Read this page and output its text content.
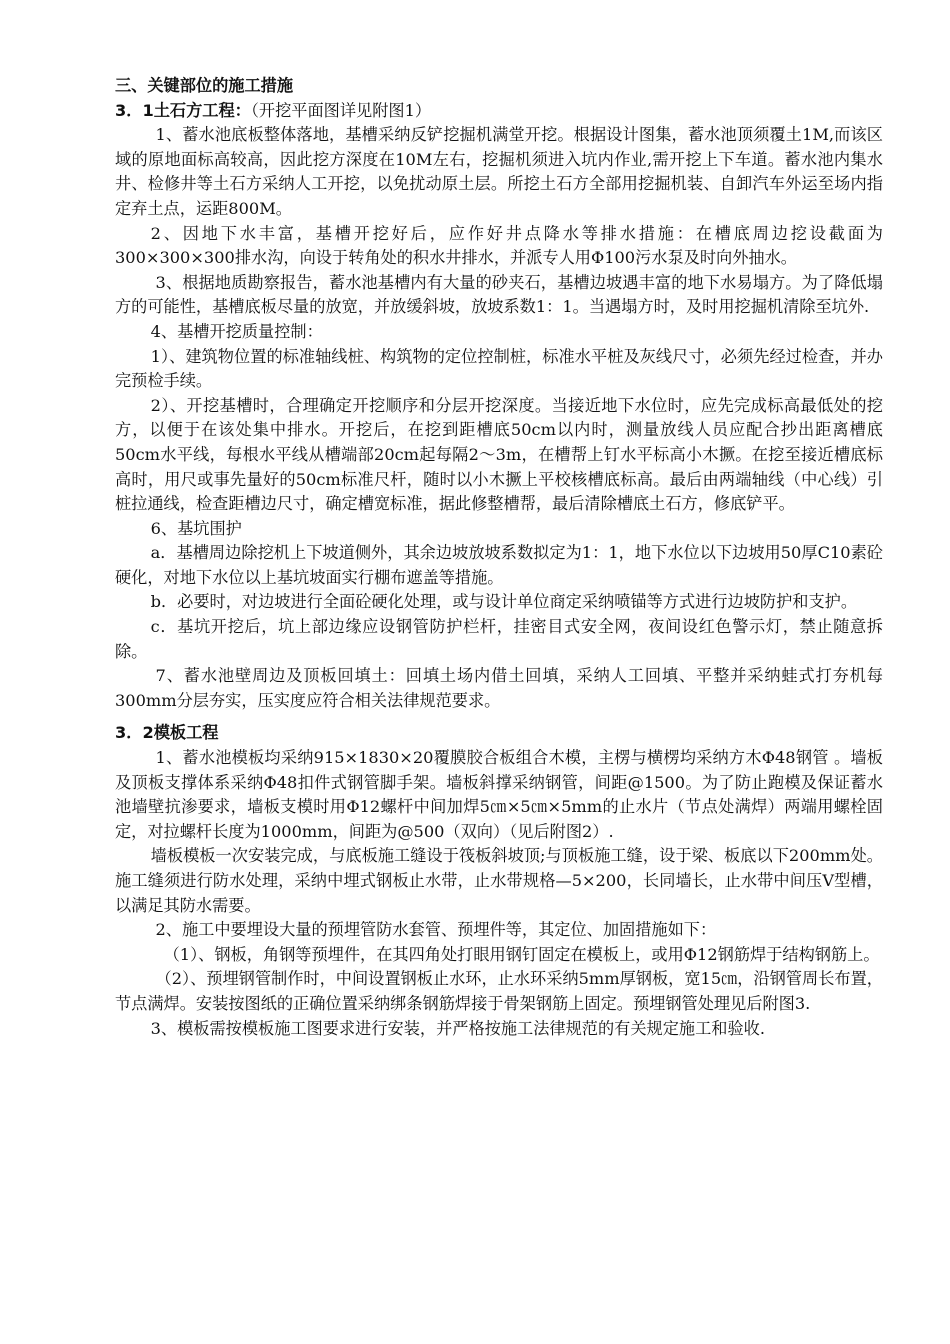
三、关键部位的施工措施

3．1土石方工程：（开挖平面图详见附图1）

1、蓄水池底板整体落地，基槽采纳反铲挖掘机满堂开挖。根据设计图集，蓄水池顶须覆土1M,而该区域的原地面标高较高，因此挖方深度在10M左右，挖掘机须进入坑内作业,需开挖上下车道。蓄水池内集水井、检修井等土石方采纳人工开挖，以免扰动原土层。所挖土石方全部用挖掘机装、自卸汽车外运至场内指定弃土点，运距800M。

2、因地下水丰富，基槽开挖好后，应作好井点降水等排水措施：在槽底周边挖设截面为300×300×300排水沟，向设于转角处的积水井排水，并派专人用Φ100污水泵及时向外抽水。

3、根据地质勘察报告，蓄水池基槽内有大量的砂夹石，基槽边坡遇丰富的地下水易塌方。为了降低塌方的可能性，基槽底板尽量的放宽，并放缓斜坡，放坡系数1：1。当遇塌方时，及时用挖掘机清除至坑外.

4、基槽开挖质量控制：

1）、建筑物位置的标准轴线桩、构筑物的定位控制桩，标准水平桩及灰线尺寸，必须先经过检查，并办完预检手续。

2）、开挖基槽时，合理确定开挖顺序和分层开挖深度。当接近地下水位时，应先完成标高最低处的挖方，以便于在该处集中排水。开挖后，在挖到距槽底50cm以内时，测量放线人员应配合抄出距离槽底50cm水平线，每根水平线从槽端部20cm起每隔2～3m，在槽帮上钉水平标高小木撅。在挖至接近槽底标高时，用尺或事先量好的50cm标准尺杆，随时以小木撅上平校核槽底标高。最后由两端轴线（中心线）引桩拉通线，检查距槽边尺寸，确定槽宽标准，据此修整槽帮，最后清除槽底土石方，修底铲平。

6、基坑围护

a．基槽周边除挖机上下坡道侧外，其余边坡放坡系数拟定为1：1，地下水位以下边坡用50厚C10素砼硬化，对地下水位以上基坑坡面实行棚布遮盖等措施。

b．必要时，对边坡进行全面砼硬化处理，或与设计单位商定采纳喷锚等方式进行边坡防护和支护。

c．基坑开挖后，坑上部边缘应设钢管防护栏杆，挂密目式安全网，夜间设红色警示灯，禁止随意拆除。

7、蓄水池壁周边及顶板回填土：回填土场内借土回填，采纳人工回填、平整并采纳蛙式打夯机每300mm分层夯实，压实度应符合相关法律规范要求。

3．2模板工程

1、蓄水池模板均采纳915×1830×20覆膜胶合板组合木模，主楞与横楞均采纳方木Φ48钢管 。墙板及顶板支撑体系采纳Φ48扣件式钢管脚手架。墙板斜撑采纳钢管，间距@1500。为了防止跑模及保证蓄水池墙壁抗渗要求，墙板支模时用Φ12螺杆中间加焊5㎝×5㎝×5mm的止水片（节点处满焊）两端用螺栓固定，对拉螺杆长度为1000mm，间距为@500（双向）（见后附图2）.

墙板模板一次安装完成，与底板施工缝设于筏板斜坡顶;与顶板施工缝，设于梁、板底以下200mm处。施工缝须进行防水处理，采纳中埋式钢板止水带，止水带规格—5×200，长同墙长，止水带中间压V型槽，以满足其防水需要。

2、施工中要埋设大量的预埋管防水套管、预埋件等，其定位、加固措施如下：

（1）、钢板，角钢等预埋件，在其四角处打眼用钢钉固定在模板上，或用Φ12钢筋焊于结构钢筋上。

（2）、预埋钢管制作时，中间设置钢板止水环，止水环采纳5mm厚钢板，宽15㎝，沿钢管周长布置，节点满焊。安装按图纸的正确位置采纳绑条钢筋焊接于骨架钢筋上固定。预埋钢管处理见后附图3.

3、模板需按模板施工图要求进行安装，并严格按施工法律规范的有关规定施工和验收.
